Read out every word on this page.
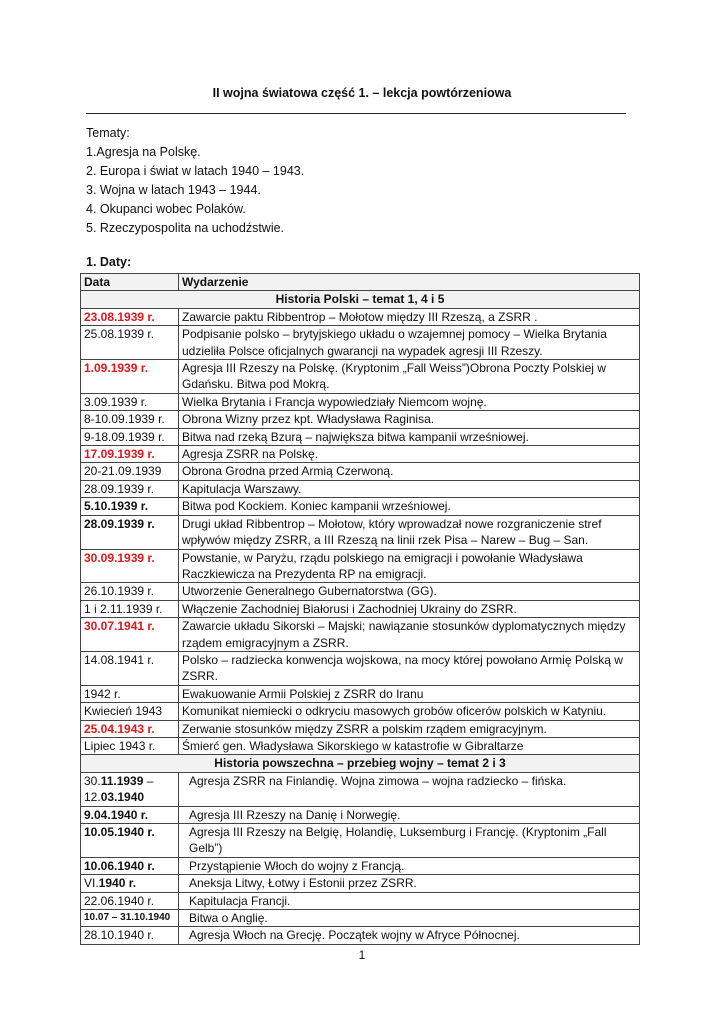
II wojna światowa część 1. – lekcja powtórzeniowa
Tematy:
1.Agresja na Polskę.
2. Europa i świat w latach 1940 – 1943.
3. Wojna w latach 1943 – 1944.
4. Okupanci wobec Polaków.
5. Rzeczypospolita na uchodźstwie.
1. Daty:
Data	Wydarzenie
Historia Polski – temat 1, 4 i 5	
23.08.1939 r.	Zawarcie paktu Ribbentrop – Mołotow między III Rzeszą, a ZSRR .
25.08.1939 r.	Podpisanie polsko – brytyjskiego układu o wzajemnej pomocy – Wielka Brytania udzieliła Polsce oficjalnych gwarancji na wypadek agresji III Rzeszy.
1.09.1939 r.	Agresja III Rzeszy na Polskę. (Kryptonim „Fall Weiss”)Obrona Poczty Polskiej w Gdańsku. Bitwa pod Mokrą.
3.09.1939 r.	Wielka Brytania i Francja wypowiedziały Niemcom wojnę.
8-10.09.1939 r.	Obrona Wizny przez kpt. Władysława Raginisa.
9-18.09.1939 r.	Bitwa nad rzeką Bzurą – największa bitwa kampanii wrześniowej.
17.09.1939 r.	Agresja ZSRR na Polskę.
20-21.09.1939	Obrona Grodna przed Armią Czerwoną.
28.09.1939 r.	Kapitulacja Warszawy.
5.10.1939 r.	Bitwa pod Kockiem. Koniec kampanii wrześniowej.
28.09.1939 r.	Drugi układ Ribbentrop – Mołotow, który wprowadzał nowe rozgraniczenie stref wpływów między ZSRR, a III Rzeszą na linii rzek Pisa – Narew – Bug – San.
30.09.1939 r.	Powstanie, w Paryżu, rządu polskiego na emigracji i powołanie Władysława Raczkiewicza na Prezydenta RP na emigracji.
26.10.1939 r.	Utworzenie Generalnego Gubernatorstwa (GG).
1 i 2.11.1939 r.	Włączenie Zachodniej Białorusi i Zachodniej Ukrainy do ZSRR.
30.07.1941 r.	Zawarcie układu Sikorski – Majski; nawiązanie stosunków dyplomatycznych między rządem emigracyjnym a ZSRR.
14.08.1941 r.	Polsko – radziecka konwencja wojskowa, na mocy której powołano Armię Polską w ZSRR.
1942 r.	Ewakuowanie Armii Polskiej z ZSRR do Iranu
Kwiecień 1943	Komunikat niemiecki o odkryciu masowych grobów oficerów polskich w Katyniu.
25.04.1943 r.	Zerwanie stosunków między ZSRR a polskim rządem emigracyjnym.
Lipiec 1943 r.	Śmierć gen. Władysława Sikorskiego w katastrofie w Gibraltarze
Historia powszechna – przebieg wojny – temat 2 i 3	
30.11.1939 –
12.03.1940	Agresja ZSRR na Finlandię. Wojna zimowa – wojna radziecko – fińska.
9.04.1940 r.	Agresja III Rzeszy na Danię i Norwegię.
10.05.1940 r.	Agresja III Rzeszy na Belgię, Holandię, Luksemburg i Francję. (Kryptonim „Fall Gelb”)
10.06.1940 r.	Przystąpienie Włoch do wojny z Francją.
VI.1940 r.	Aneksja Litwy, Łotwy i Estonii przez ZSRR.
22.06.1940 r.	Kapitulacja Francji.
10.07 – 31.10.1940	Bitwa o Anglię.
28.10.1940 r.	Agresja Włoch na Grecję. Początek wojny w Afryce Północnej.
1
